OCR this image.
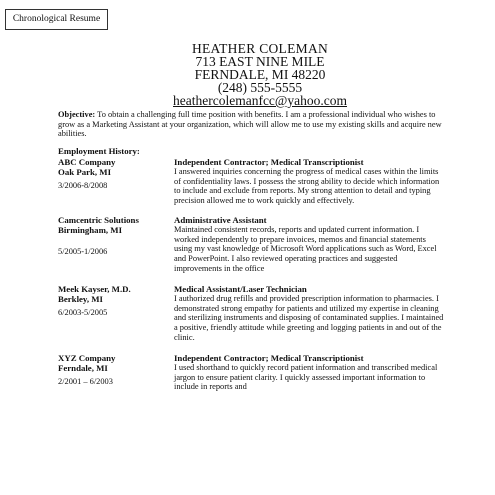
Chronological Resume
HEATHER COLEMAN
713 EAST NINE MILE
FERNDALE, MI 48220
(248) 555-5555
heathercolemanfcc@yahoo.com
Objective: To obtain a challenging full time position with benefits. I am a professional individual who wishes to grow as a Marketing Assistant at your organization, which will allow me to use my existing skills and acquire new abilities.
Employment History:
ABC Company
Oak Park, MI
3/2006-8/2008
Independent Contractor; Medical Transcriptionist
I answered inquiries concerning the progress of medical cases within the limits of confidentiality laws. I possess the strong ability to decide which information to include and exclude from reports. My strong attention to detail and typing precision allowed me to work quickly and effectively.
Camcentric Solutions
Birmingham, MI
5/2005-1/2006
Administrative Assistant
Maintained consistent records, reports and updated current information. I worked independently to prepare invoices, memos and financial statements using my vast knowledge of Microsoft Word applications such as Word, Excel and PowerPoint. I also reviewed operating practices and suggested improvements in the office
Meek Kayser, M.D.
Berkley, MI
6/2003-5/2005
Medical Assistant/Laser Technician
I authorized drug refills and provided prescription information to pharmacies. I demonstrated strong empathy for patients and utilized my expertise in cleaning and sterilizing instruments and disposing of contaminated supplies. I maintained a positive, friendly attitude while greeting and logging patients in and out of the clinic.
XYZ Company
Ferndale, MI
2/2001 – 6/2003
Independent Contractor; Medical Transcriptionist
I used shorthand to quickly record patient information and transcribed medical jargon to ensure patient clarity. I quickly assessed important information to include in reports and
